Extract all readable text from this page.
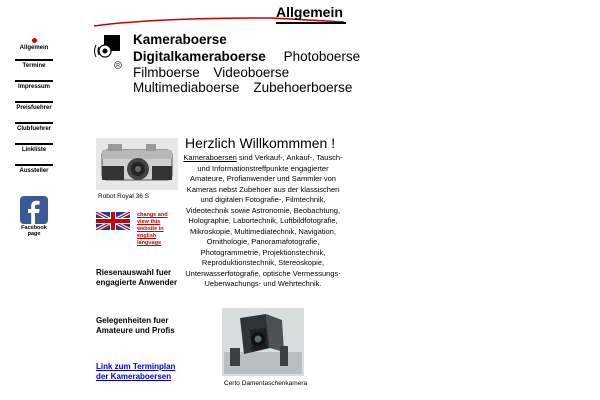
Allgemein
Allgemein
Termine
Impressum
Preisfuehrer
Clubfuehrer
Linkliste
Aussteller
Facebook page
R
Kameraboerse
Digitalkameraboerse Photoboerse
Filmboerse Videoboerse
Multimediaboerse Zubehoerboerse
Robot Royal 36 S
change and view this website in english language
Riesenauswahl fuer engagierte Anwender
Gelegenheiten fuer Amateure und Profis
Link zum Terminplan der Kameraboersen
Herzlich Willkommmen !
Kameraboersen sind Verkauf-, Ankauf-, Tausch- und Informationstreffpunkte engagierter Amateure, Profianwender und Sammler von Kameras nebst Zubehoer aus der klassischen und digitalen Fotografie-, Filmtechnik, Videotechnik sowie Astronomie, Beobachtung, Holographie, Labortechnik, Luftbildfotografie, Mikroskopie, Multimediatechnik, Navigation, Ornithologie, Panoramafotografie, Photogrammetrie, Projektionstechnik, Reproduktionstechnik, Stereoskopie, Unterwasserfotografie, optische Vermessungs- Ueberwachungs- und Wehrtechnik.
Certo Damentaschenkamera
